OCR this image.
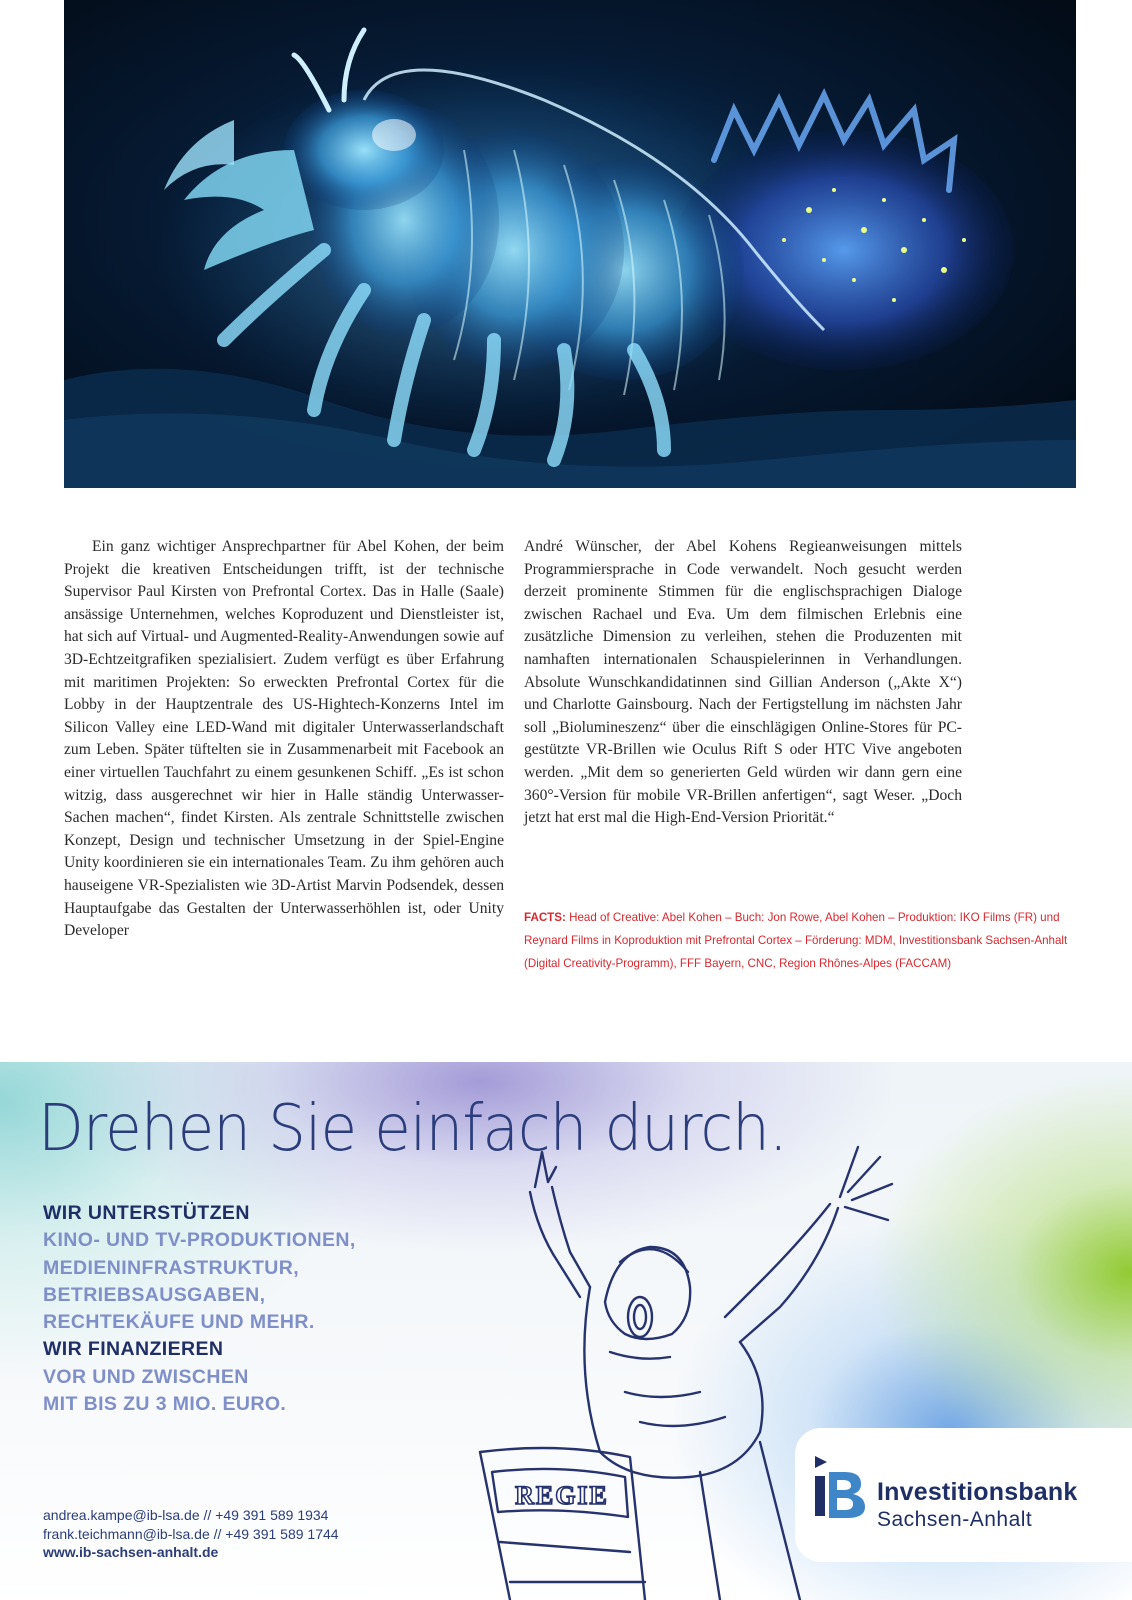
Ein ganz wichtiger Ansprechpartner für Abel Kohen, der beim Projekt die kreativen Entscheidungen trifft, ist der technische Supervisor Paul Kirsten von Prefrontal Cortex. Das in Halle (Saale) ansässige Unternehmen, welches Koproduzent und Dienstleister ist, hat sich auf Virtual- und Augmented-Reality-Anwendungen sowie auf 3D-Echtzeitgrafiken spezialisiert. Zudem verfügt es über Erfahrung mit maritimen Projekten: So erweckten Prefrontal Cortex für die Lobby in der Hauptzentrale des US-Hightech-Konzerns Intel im Silicon Valley eine LED-Wand mit digitaler Unterwasserlandschaft zum Leben. Später tüftelten sie in Zusammenarbeit mit Facebook an einer virtuellen Tauchfahrt zu einem gesunkenen Schiff. „Es ist schon witzig, dass ausgerechnet wir hier in Halle ständig Unterwasser-Sachen machen“, findet Kirsten. Als zentrale Schnittstelle zwischen Konzept, Design und technischer Umsetzung in der Spiel-Engine Unity koordinieren sie ein internationales Team. Zu ihm gehören auch hauseigene VR-Spezialisten wie 3D-Artist Marvin Podsendek, dessen Hauptaufgabe das Gestalten der Unterwasserhöhlen ist, oder Unity Developer

André Wünscher, der Abel Kohens Regieanweisungen mittels Programmiersprache in Code verwandelt. Noch gesucht werden derzeit prominente Stimmen für die englischsprachigen Dialoge zwischen Rachael und Eva. Um dem filmischen Erlebnis eine zusätzliche Dimension zu verleihen, stehen die Produzenten mit namhaften internationalen Schauspielerinnen in Verhandlungen. Absolute Wunschkandidatinnen sind Gillian Anderson („Akte X“) und Charlotte Gainsbourg. Nach der Fertigstellung im nächsten Jahr soll „Biolumineszenz“ über die einschlägigen Online-Stores für PC-gestützte VR-Brillen wie Oculus Rift S oder HTC Vive angeboten werden. „Mit dem so generierten Geld würden wir dann gern eine 360°-Version für mobile VR-Brillen anfertigen“, sagt Weser. „Doch jetzt hat erst mal die High-End-Version Priorität.“

FACTS: Head of Creative: Abel Kohen – Buch: Jon Rowe, Abel Kohen – Produktion: IKO Films (FR) und Reynard Films in Koproduktion mit Prefrontal Cortex – Förderung: MDM, Investitionsbank Sachsen-Anhalt (Digital Creativity-Programm), FFF Bayern, CNC, Region Rhônes-Alpes (FACCAM)
Drehen Sie einfach durch.
WIR UNTERSTÜTZEN
KINO- UND TV-PRODUKTIONEN,
MEDIENINFRASTRUKTUR,
BETRIEBSAUSGABEN,
RECHTEKÄUFE UND MEHR.
WIR FINANZIEREN
VOR UND ZWISCHEN
MIT BIS ZU 3 MIO. EURO.
REGIE
andrea.kampe@ib-lsa.de // +49 391 589 1934
frank.teichmann@ib-lsa.de // +49 391 589 1744
www.ib-sachsen-anhalt.de
Investitionsbank
Sachsen-Anhalt
